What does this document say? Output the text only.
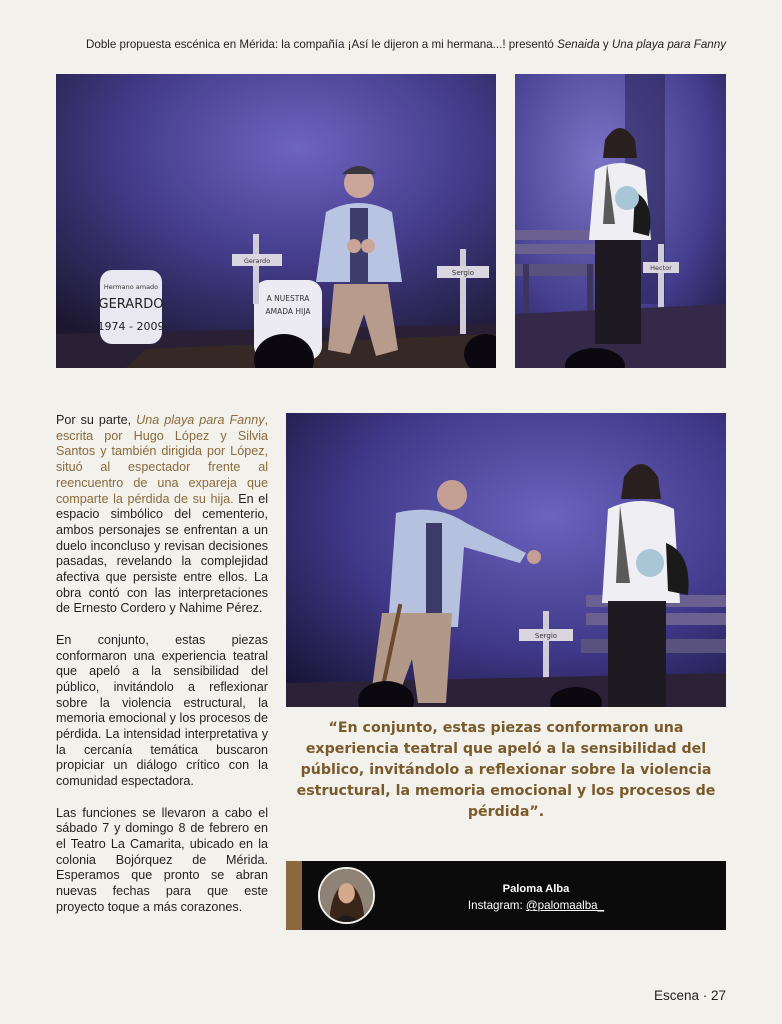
Doble propuesta escénica en Mérida: la compañía ¡Así le dijeron a mi hermana...! presentó Senaida y Una playa para Fanny
Hermano amado
GERARDO
1974 - 2009
A NUESTRA
AMADA HIJA
Gerardo
Sergio
Hector
Sergio

Por su parte, Una playa para Fanny, escrita por Hugo López y Silvia Santos y también dirigida por López, situó al espectador frente al reencuentro de una expareja que comparte la pérdida de su hija. En el espacio simbólico del cementerio, ambos personajes se enfrentan a un duelo inconcluso y revisan decisiones pasadas, revelando la complejidad afectiva que persiste entre ellos. La obra contó con las interpretaciones de Ernesto Cordero y Nahime Pérez.

En conjunto, estas piezas conformaron una experiencia teatral que apeló a la sensibilidad del público, invitándolo a reflexionar sobre la violencia estructural, la memoria emocional y los procesos de pérdida. La intensidad interpretativa y la cercanía temática buscaron propiciar un diálogo crítico con la comunidad espectadora.

Las funciones se llevaron a cabo el sábado 7 y domingo 8 de febrero en el Teatro La Camarita, ubicado en la colonia Bojórquez de Mérida. Esperamos que pronto se abran nuevas fechas para que este proyecto toque a más corazones.

“En conjunto, estas piezas conformaron una experiencia teatral que apeló a la sensibilidad del público, invitándolo a reflexionar sobre la violencia estructural, la memoria emocional y los procesos de pérdida”.
Paloma Alba
Instagram: @palomaalba_
Escena · 27
